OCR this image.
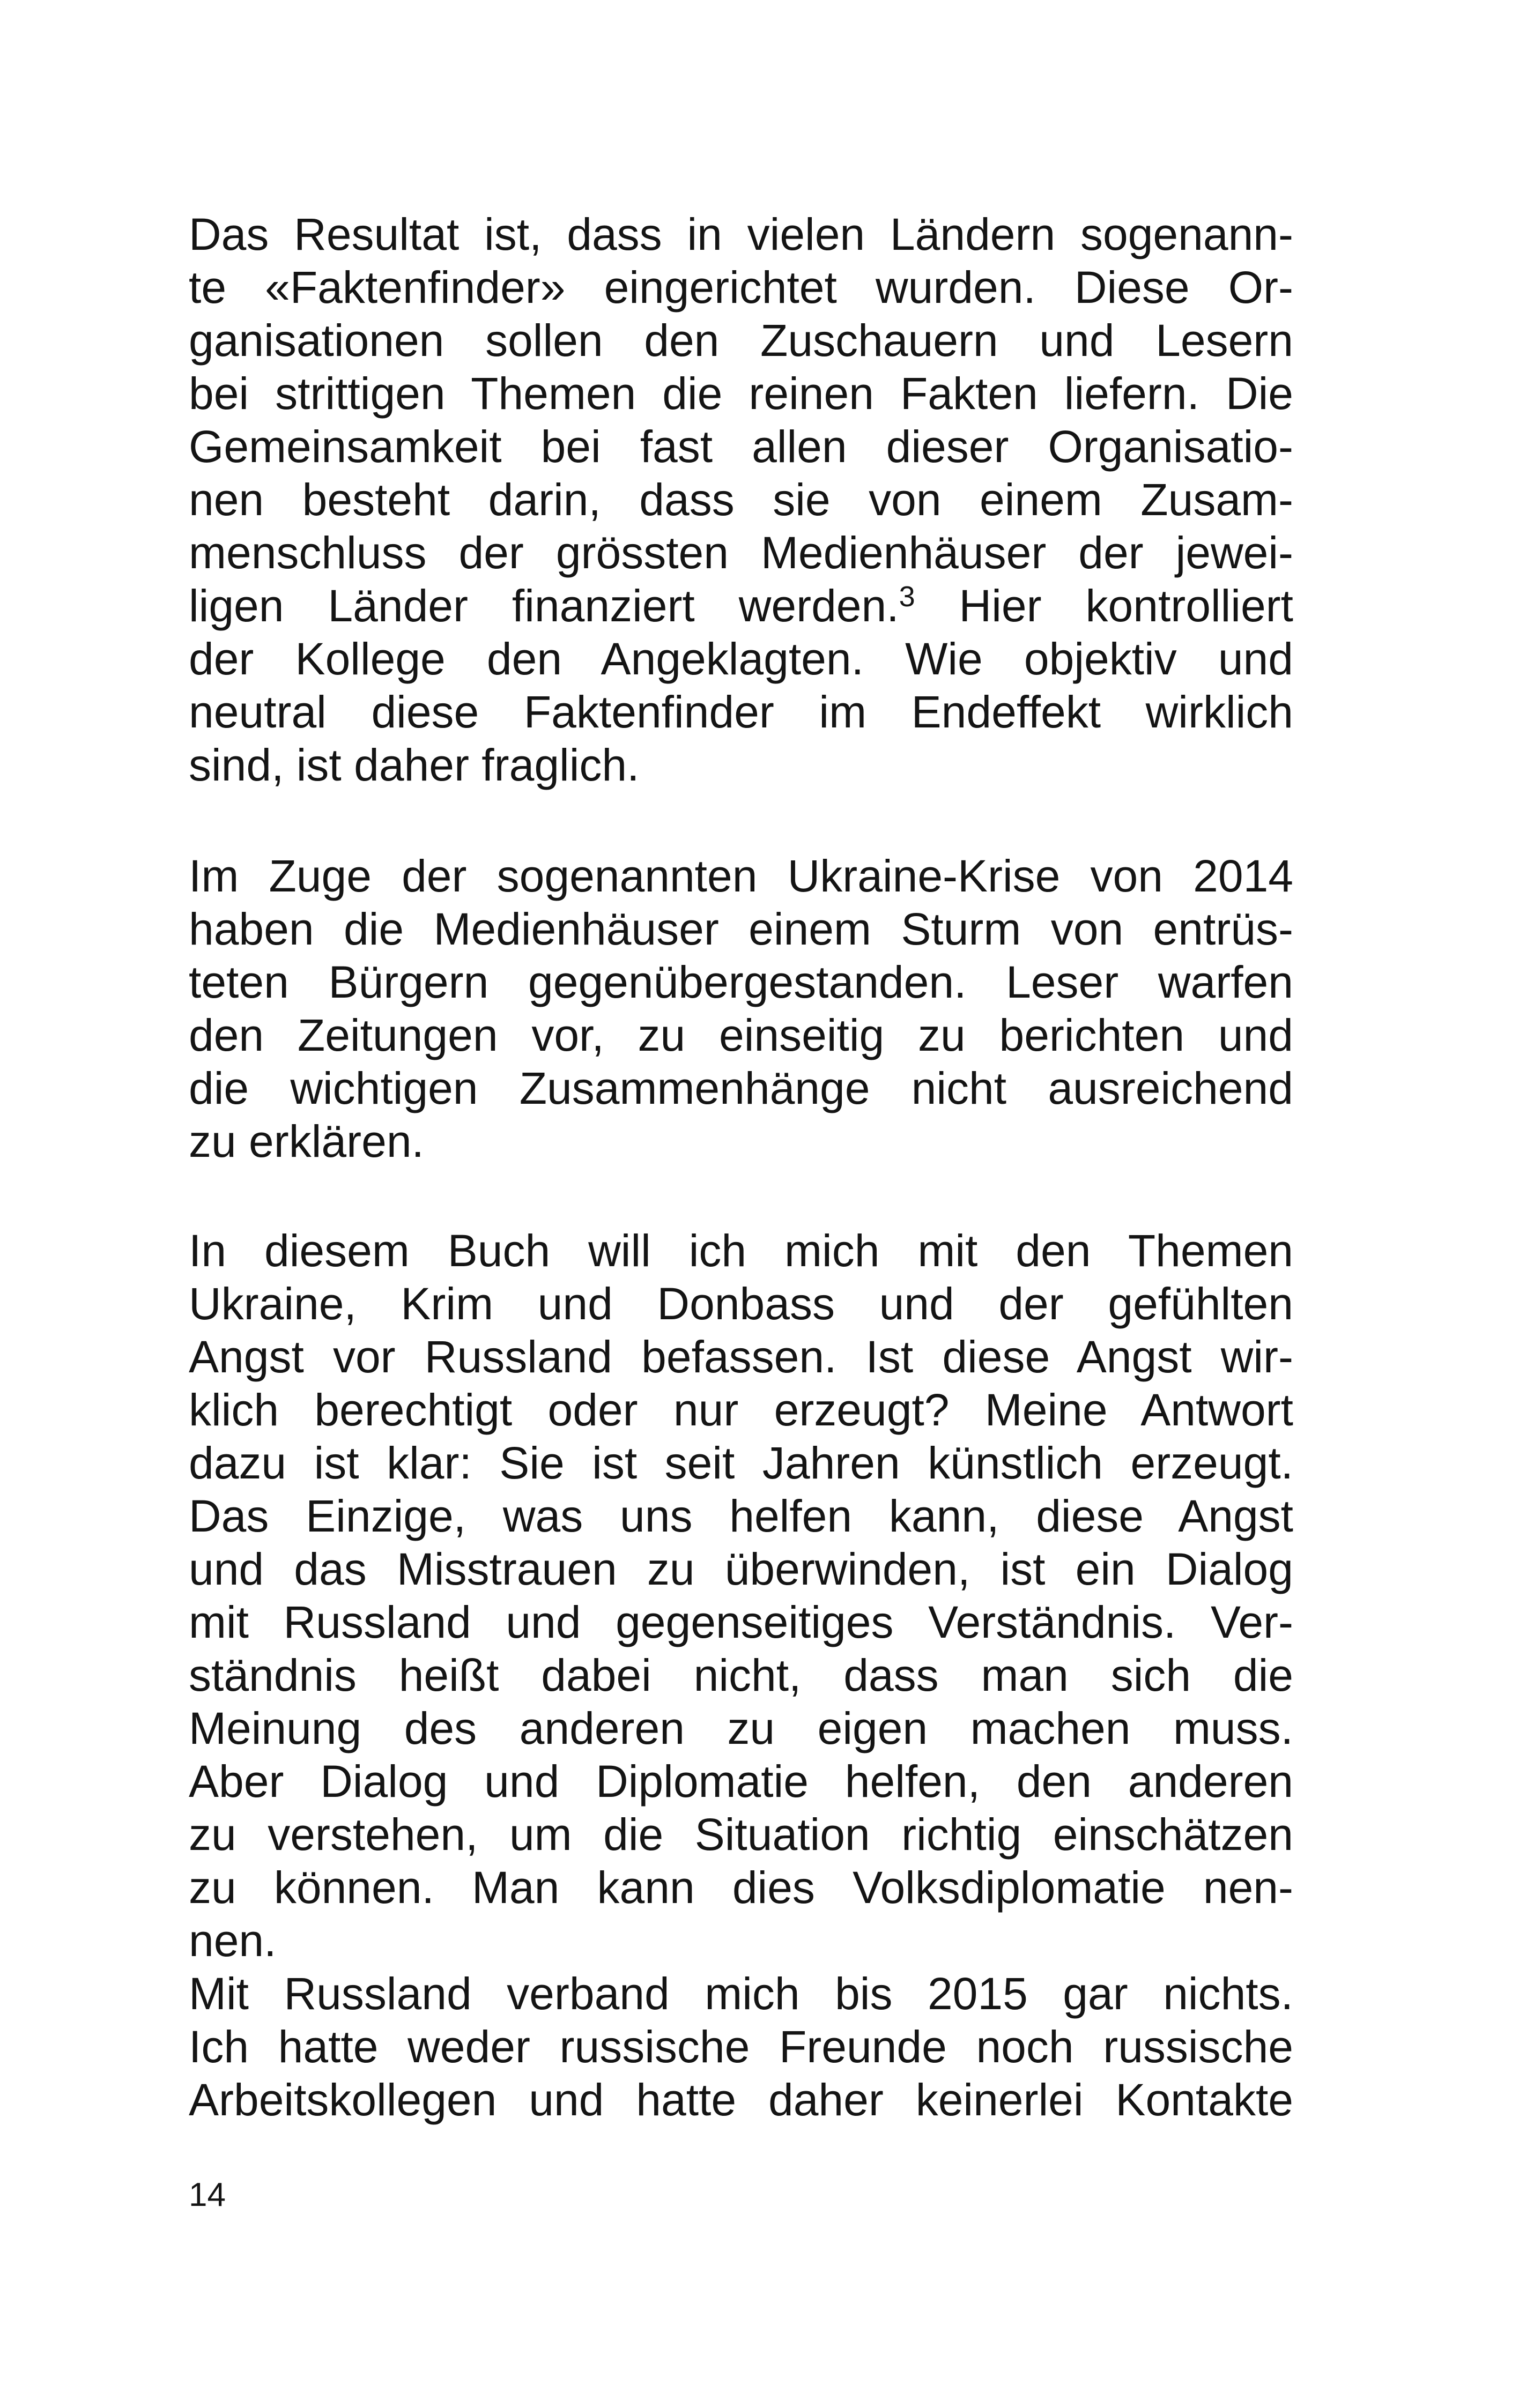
Das Resultat ist, dass in vielen Ländern sogenann-
te «Faktenfinder» eingerichtet wurden. Diese Or-
ganisationen sollen den Zuschauern und Lesern
bei strittigen Themen die reinen Fakten liefern. Die
Gemeinsamkeit bei fast allen dieser Organisatio-
nen besteht darin, dass sie von einem Zusam-
menschluss der grössten Medienhäuser der jewei-
ligen Länder finanziert werden.$^3$ Hier kontrolliert
der Kollege den Angeklagten. Wie objektiv und
neutral diese Faktenfinder im Endeffekt wirklich
sind, ist daher fraglich.
Im Zuge der sogenannten Ukraine-Krise von 2014
haben die Medienhäuser einem Sturm von entrüs-
teten Bürgern gegenübergestanden. Leser warfen
den Zeitungen vor, zu einseitig zu berichten und
die wichtigen Zusammenhänge nicht ausreichend
zu erklären.
In diesem Buch will ich mich mit den Themen
Ukraine, Krim und Donbass und der gefühlten
Angst vor Russland befassen. Ist diese Angst wir-
klich berechtigt oder nur erzeugt? Meine Antwort
dazu ist klar: Sie ist seit Jahren künstlich erzeugt.
Das Einzige, was uns helfen kann, diese Angst
und das Misstrauen zu überwinden, ist ein Dialog
mit Russland und gegenseitiges Verständnis. Ver-
ständnis heißt dabei nicht, dass man sich die
Meinung des anderen zu eigen machen muss.
Aber Dialog und Diplomatie helfen, den anderen
zu verstehen, um die Situation richtig einschätzen
zu können. Man kann dies Volksdiplomatie nen-
nen.
Mit Russland verband mich bis 2015 gar nichts.
Ich hatte weder russische Freunde noch russische
Arbeitskollegen und hatte daher keinerlei Kontakte
14
